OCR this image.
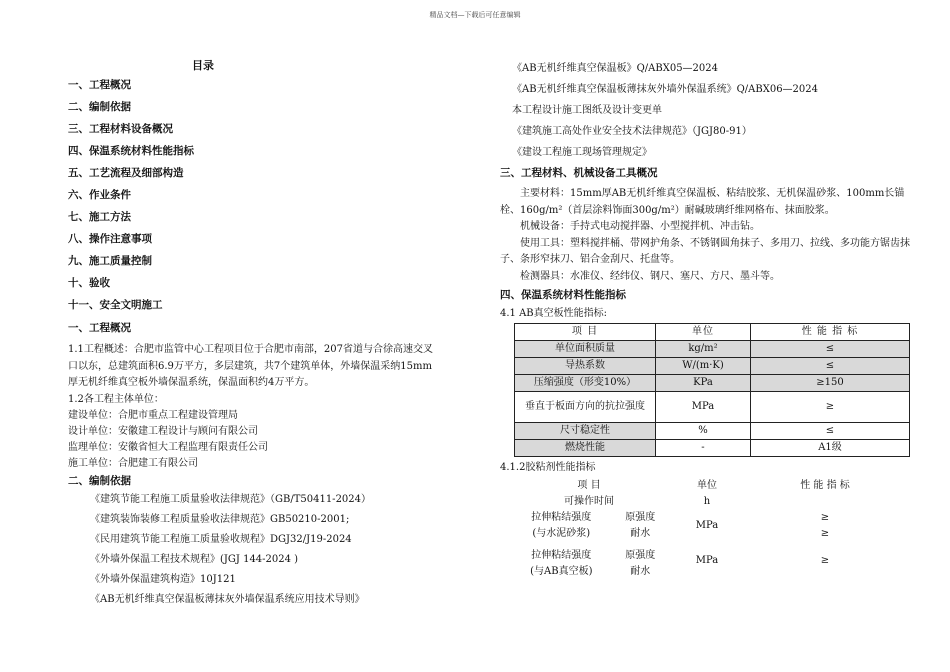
精品文档—下载后可任意编辑
目录
一、工程概况
二、编制依据
三、工程材料设备概况
四、保温系统材料性能指标
五、工艺流程及细部构造
六、作业条件
七、施工方法
八、操作注意事项
九、施工质量控制
十、验收
十一、安全文明施工
一、工程概况
1.1工程概述：合肥市监管中心工程项目位于合肥市南部，207省道与合徐高速交叉口以东，总建筑面积6.9万平方，多层建筑，共7个建筑单体，外墙保温采纳15mm厚无机纤维真空板外墙保温系统，保温面积约4万平方。
1.2各工程主体单位：
建设单位：合肥市重点工程建设管理局
设计单位：安徽建工程设计与顾问有限公司
监理单位：安徽省恒大工程监理有限责任公司
施工单位：合肥建工有限公司
二、编制依据
《建筑节能工程施工质量验收法律规范》（GB/T50411-2024）
《建筑装饰装修工程质量验收法律规范》GB50210-2001;
《民用建筑节能工程施工质量验收规程》DGJ32/J19-2024
《外墙外保温工程技术规程》(JGJ 144-2024 )
《外墙外保温建筑构造》10J121
《AB无机纤维真空保温板薄抹灰外墙保温系统应用技术导则》
《AB无机纤维真空保温板》Q/ABX05—2024
《AB无机纤维真空保温板薄抹灰外墙外保温系统》Q/ABX06—2024
本工程设计施工图纸及设计变更单
《建筑施工高处作业安全技术法律规范》（JGJ80-91）
《建设工程施工现场管理规定》
三、工程材料、机械设备工具概况
主要材料：15mm厚AB无机纤维真空保温板、粘结胶浆、无机保温砂浆、100mm长锚栓、160g/m²（首层涂料饰面300g/m²）耐碱玻璃纤维网格布、抹面胶浆。
机械设备：手持式电动搅拌器、小型搅拌机、冲击钻。
使用工具：塑料搅拌桶、带网护角条、不锈钢圆角抹子、多用刀、拉线、多功能方锯齿抹子、条形窄抹刀、铝合金刮尺、托盘等。
检测器具：水准仪、经纬仪、钢尺、塞尺、方尺、墨斗等。
四、保温系统材料性能指标
4.1 AB真空板性能指标:
项 目	单位	性 能 指 标
单位面积质量	kg/m²	≤
导热系数	W/(m·K)	≤
压缩强度（形变10%）	KPa	≥150
垂直于板面方向的抗拉强度	MPa	≥
尺寸稳定性	%	≤
燃烧性能	-	A1级
4.1.2胶粘剂性能指标
项 目		单位	性 能 指 标
可操作时间		h	
拉伸粘结强度	原强度	MPa	≥
(与水泥砂浆)	耐水		≥
拉伸粘结强度	原强度	MPa	≥
(与AB真空板)	耐水		
